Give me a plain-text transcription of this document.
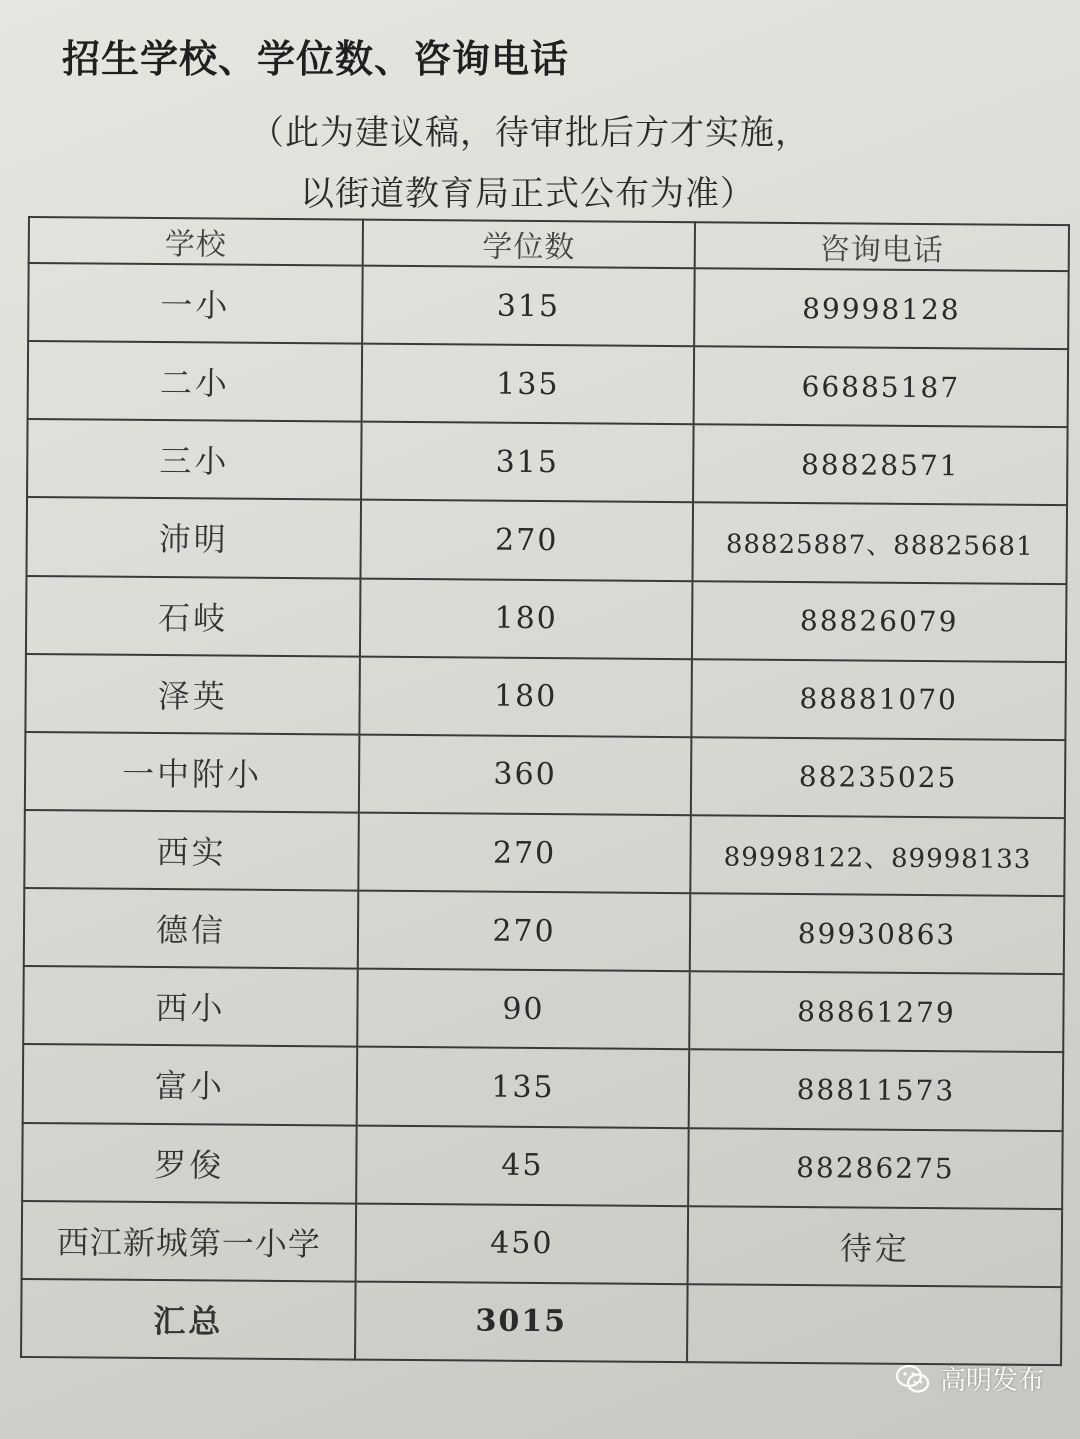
招生学校、学位数、咨询电话
（此为建议稿，待审批后方才实施，
以街道教育局正式公布为准）
学校	学位数	咨询电话
一小	315	89998128
二小	135	66885187
三小	315	88828571
沛明	270	88825887、88825681
石岐	180	88826079
泽英	180	88881070
一中附小	360	88235025
西实	270	89998122、89998133
德信	270	89930863
西小	90	88861279
富小	135	88811573
罗俊	45	88286275
西江新城第一小学	450	待定
汇总	3015	
高明发布
